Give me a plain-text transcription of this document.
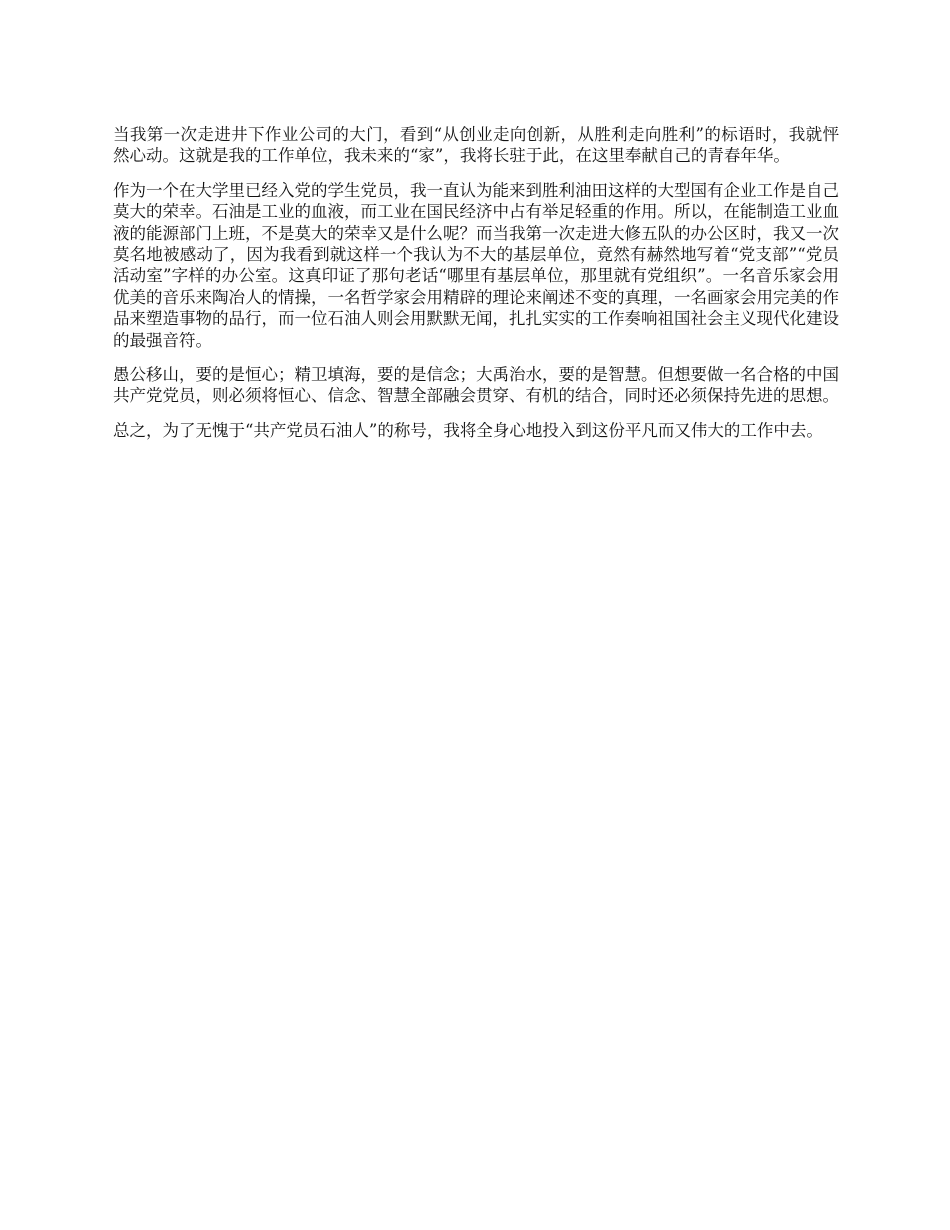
当我第一次走进井下作业公司的大门，看到“从创业走向创新，从胜利走向胜利”的标语时，我就怦然心动。这就是我的工作单位，我未来的“家”，我将长驻于此，在这里奉献自己的青春年华。

作为一个在大学里已经入党的学生党员，我一直认为能来到胜利油田这样的大型国有企业工作是自己莫大的荣幸。石油是工业的血液，而工业在国民经济中占有举足轻重的作用。所以，在能制造工业血液的能源部门上班，不是莫大的荣幸又是什么呢？而当我第一次走进大修五队的办公区时，我又一次莫名地被感动了，因为我看到就这样一个我认为不大的基层单位，竟然有赫然地写着“党支部”“党员活动室”字样的办公室。这真印证了那句老话“哪里有基层单位，那里就有党组织”。一名音乐家会用优美的音乐来陶冶人的情操，一名哲学家会用精辟的理论来阐述不变的真理，一名画家会用完美的作品来塑造事物的品行，而一位石油人则会用默默无闻，扎扎实实的工作奏响祖国社会主义现代化建设的最强音符。

愚公移山，要的是恒心；精卫填海，要的是信念；大禹治水，要的是智慧。但想要做一名合格的中国共产党党员，则必须将恒心、信念、智慧全部融会贯穿、有机的结合，同时还必须保持先进的思想。

总之，为了无愧于“共产党员石油人”的称号，我将全身心地投入到这份平凡而又伟大的工作中去。
